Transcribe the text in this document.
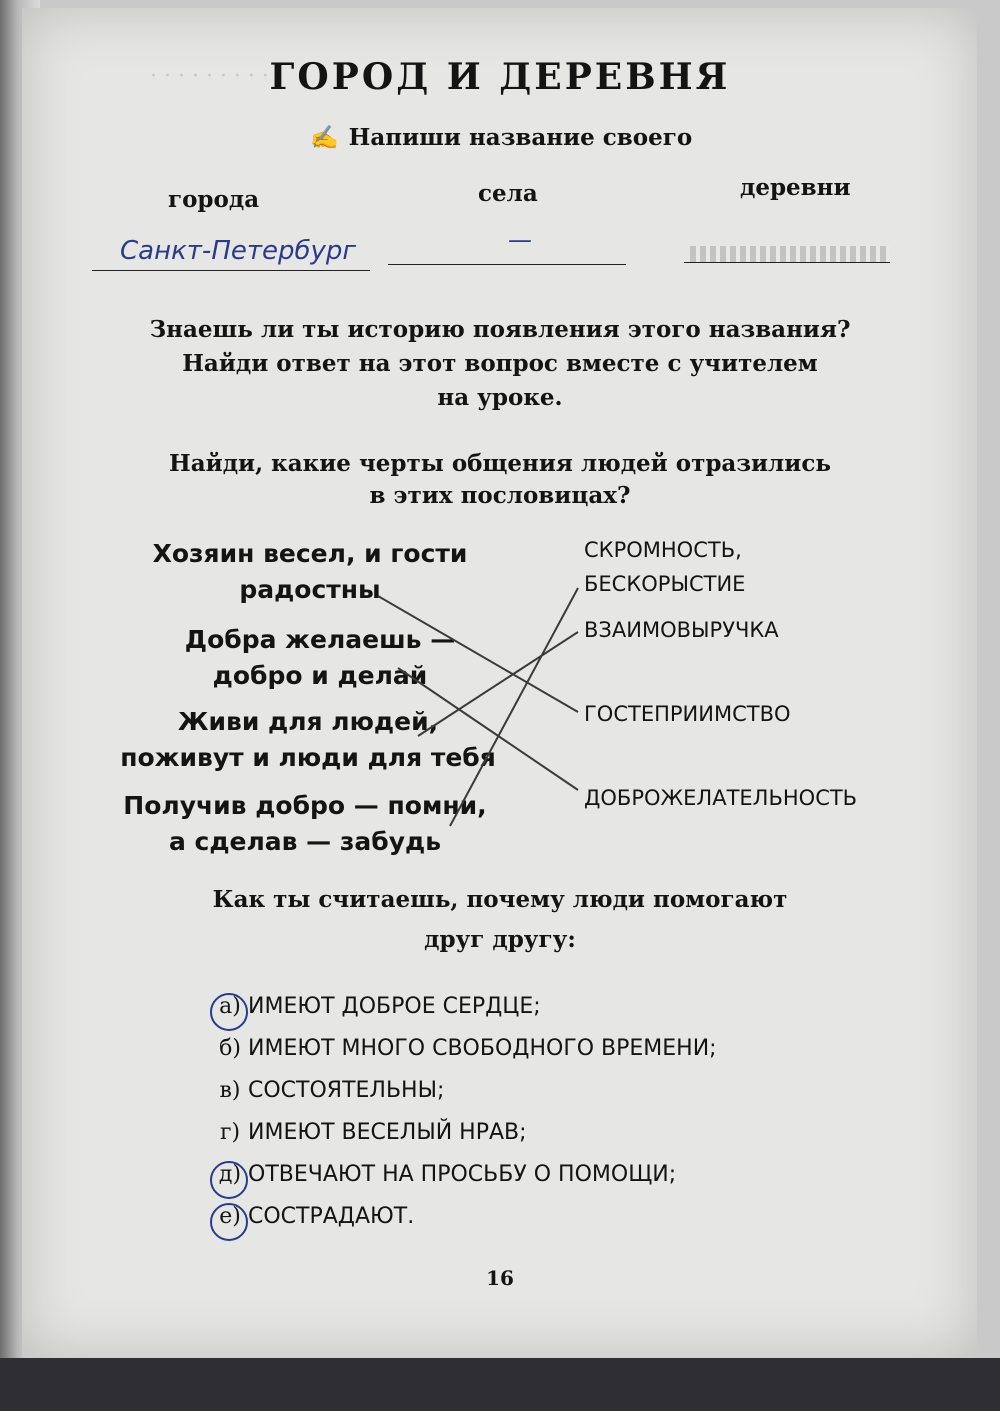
· · · · · · · · · ·
ГОРОД И ДЕРЕВНЯ
✍ Напиши название своего
города	села	деревни
Санкт-Петербург	—
Знаешь ли ты историю появления этого названия?
Найди ответ на этот вопрос вместе с учителем
на уроке.
Найди, какие черты общения людей отразились
в этих пословицах?
Хозяин весел, и гости
радостны
Добра желаешь —
добро и делай
Живи для людей,
поживут и люди для тебя
Получив добро — помни,
а сделав — забудь
СКРОМНОСТЬ,
БЕСКОРЫСТИЕ
ВЗАИМОВЫРУЧКА
ГОСТЕПРИИМСТВО
ДОБРОЖЕЛАТЕЛЬНОСТЬ
Как ты считаешь, почему люди помогают
друг другу:
а) ИМЕЮТ ДОБРОЕ СЕРДЦЕ;
б) ИМЕЮТ МНОГО СВОБОДНОГО ВРЕМЕНИ;
в) СОСТОЯТЕЛЬНЫ;
г) ИМЕЮТ ВЕСЕЛЫЙ НРАВ;
д) ОТВЕЧАЮТ НА ПРОСЬБУ О ПОМОЩИ;
е) СОСТРАДАЮТ.
16
